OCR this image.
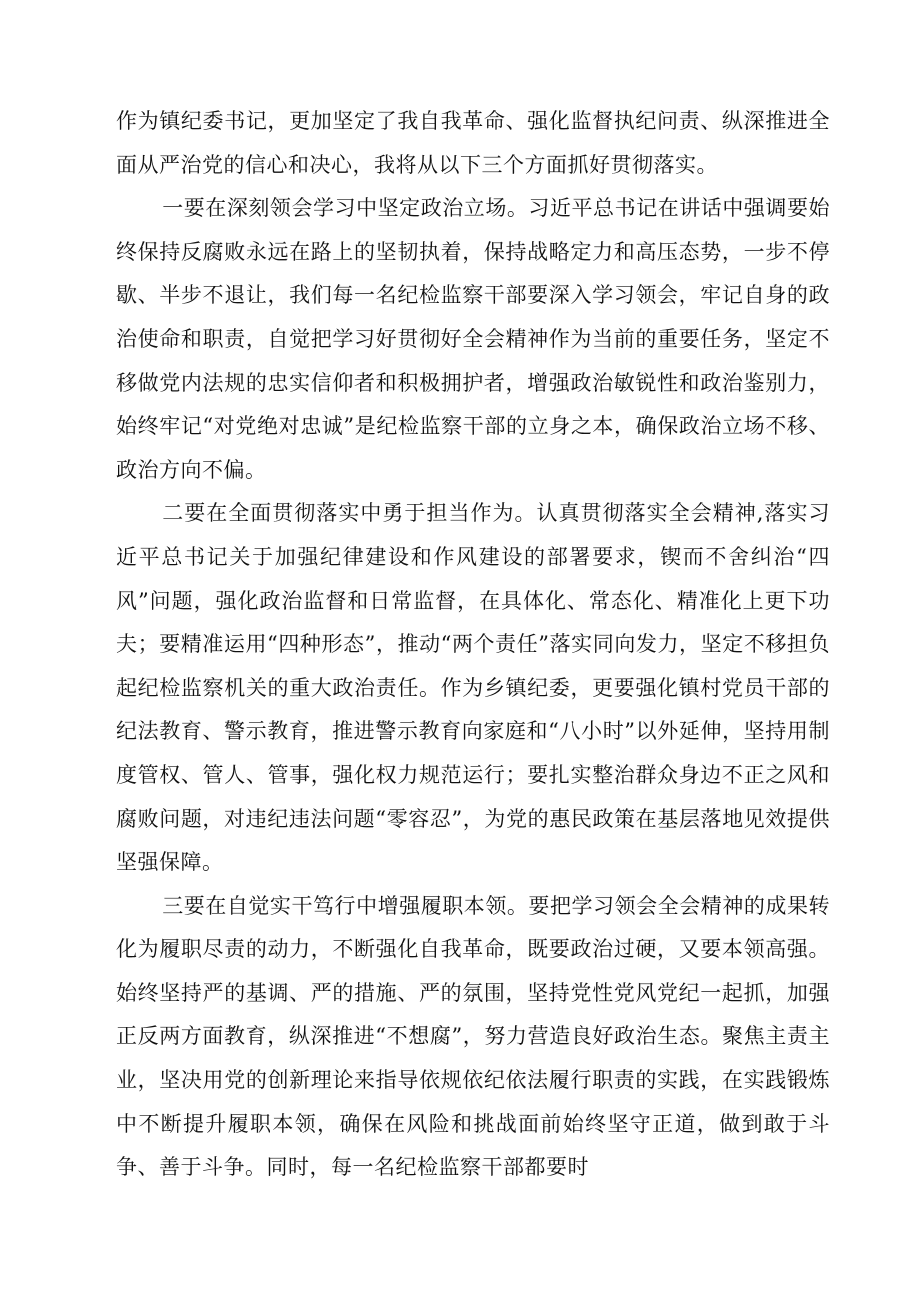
作为镇纪委书记，更加坚定了我自我革命、强化监督执纪问责、纵深推进全面从严治党的信心和决心，我将从以下三个方面抓好贯彻落实。

一要在深刻领会学习中坚定政治立场。习近平总书记在讲话中强调要始终保持反腐败永远在路上的坚韧执着，保持战略定力和高压态势，一步不停歇、半步不退让，我们每一名纪检监察干部要深入学习领会，牢记自身的政治使命和职责，自觉把学习好贯彻好全会精神作为当前的重要任务，坚定不移做党内法规的忠实信仰者和积极拥护者，增强政治敏锐性和政治鉴别力，始终牢记“对党绝对忠诚”是纪检监察干部的立身之本，确保政治立场不移、政治方向不偏。

二要在全面贯彻落实中勇于担当作为。认真贯彻落实全会精神,落实习近平总书记关于加强纪律建设和作风建设的部署要求，锲而不舍纠治“四风”问题，强化政治监督和日常监督，在具体化、常态化、精准化上更下功夫；要精准运用“四种形态”，推动“两个责任”落实同向发力，坚定不移担负起纪检监察机关的重大政治责任。作为乡镇纪委，更要强化镇村党员干部的纪法教育、警示教育，推进警示教育向家庭和“八小时”以外延伸，坚持用制度管权、管人、管事，强化权力规范运行；要扎实整治群众身边不正之风和腐败问题，对违纪违法问题“零容忍”，为党的惠民政策在基层落地见效提供坚强保障。

三要在自觉实干笃行中增强履职本领。要把学习领会全会精神的成果转化为履职尽责的动力，不断强化自我革命，既要政治过硬，又要本领高强。始终坚持严的基调、严的措施、严的氛围，坚持党性党风党纪一起抓，加强正反两方面教育，纵深推进“不想腐”，努力营造良好政治生态。聚焦主责主业，坚决用党的创新理论来指导依规依纪依法履行职责的实践，在实践锻炼中不断提升履职本领，确保在风险和挑战面前始终坚守正道，做到敢于斗争、善于斗争。同时，每一名纪检监察干部都要时
